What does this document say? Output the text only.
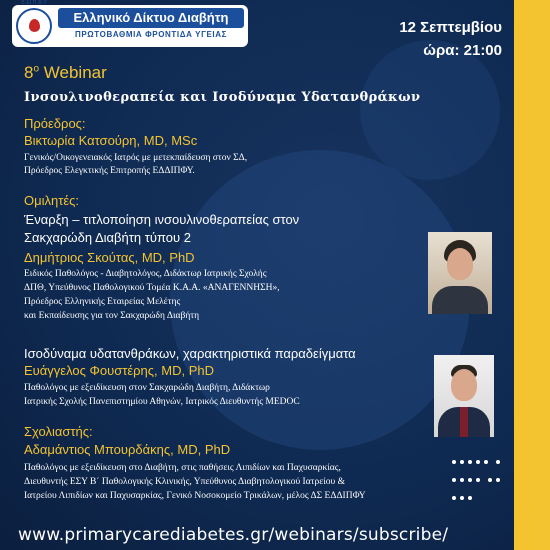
Ε.ΔΙ.Π.Φ.Υ
Ελληνικό Δίκτυο Διαβήτη
ΠΡΩΤΟΒΑΘΜΙΑ ΦΡΟΝΤΙΔΑ ΥΓΕΙΑΣ	12 Σεπτεμβίου
ώρα: 21:00
$8^o$ Webinar
Ινσουλινοθεραπεία και Ισοδύναμα Υδατανθράκων
Πρόεδρος:
Βικτωρία Κατσούρη, MD, MSc
Γενικός/Οικογενειακός Ιατρός με μετεκπαίδευση στον ΣΔ,
Πρόεδρος Ελεγκτικής Επιτροπής ΕΔΔΙΠΦΥ.
Ομιλητές:
Έναρξη – τιτλοποίηση ινσουλινοθεραπείας στον
Σακχαρώδη Διαβήτη τύπου 2
Δημήτριος Σκούτας, MD, PhD
Ειδικός Παθολόγος - Διαβητολόγος, Διδάκτωρ Ιατρικής Σχολής
ΔΠΘ, Υπεύθυνος Παθολογικού Τομέα Κ.Α.Α. «ΑΝΑΓΕΝΝΗΣΗ»,
Πρόεδρος Ελληνικής Εταιρείας Μελέτης
και Εκπαίδευσης για τον Σακχαρώδη Διαβήτη
Ισοδύναμα υδατανθράκων, χαρακτηριστικά παραδείγματα
Ευάγγελος Φουστέρης, MD, PhD
Παθολόγος με εξειδίκευση στον Σακχαρώδη Διαβήτη, Διδάκτωρ
Ιατρικής Σχολής Πανεπιστημίου Αθηνών, Ιατρικός Διευθυντής MEDOC
Σχολιαστής:
Αδαμάντιος Μπουρδάκης, MD, PhD
Παθολόγος με εξειδίκευση στο Διαβήτη, στις παθήσεις Λιπιδίων και Παχυσαρκίας,
Διευθυντής ΕΣΥ Β΄ Παθολογικής Κλινικής, Υπεύθυνος Διαβητολογικού Ιατρείου &
Ιατρείου Λιπιδίων και Παχυσαρκίας, Γενικό Νοσοκομείο Τρικάλων, μέλος ΔΣ ΕΔΔΙΠΦΥ

www.primarycarediabetes.gr/webinars/subscribe/
